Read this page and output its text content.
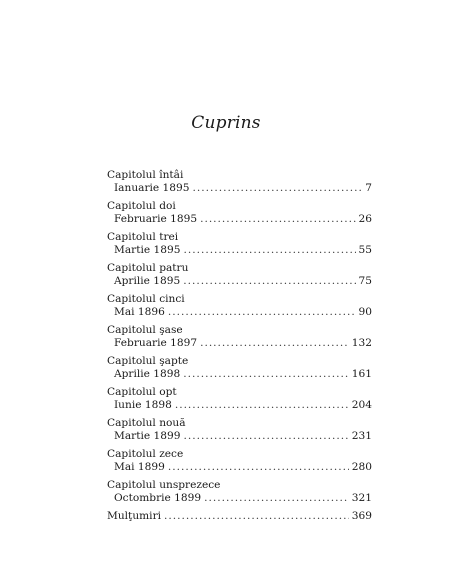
Cuprins
Capitolul întâi
Ianuarie 1895 .....	7
Capitolul doi
Februarie 1895 .....	26
Capitolul trei
Martie 1895 .....	55
Capitolul patru
Aprilie 1895 .....	75
Capitolul cinci
Mai 1896 .....	90
Capitolul şase
Februarie 1897 .....	132
Capitolul şapte
Aprilie 1898 .....	161
Capitolul opt
Iunie 1898 .....	204
Capitolul nouă
Martie 1899 .....	231
Capitolul zece
Mai 1899 .....	280
Capitolul unsprezece
Octombrie 1899 .....	321
Mulţumiri .....	369
